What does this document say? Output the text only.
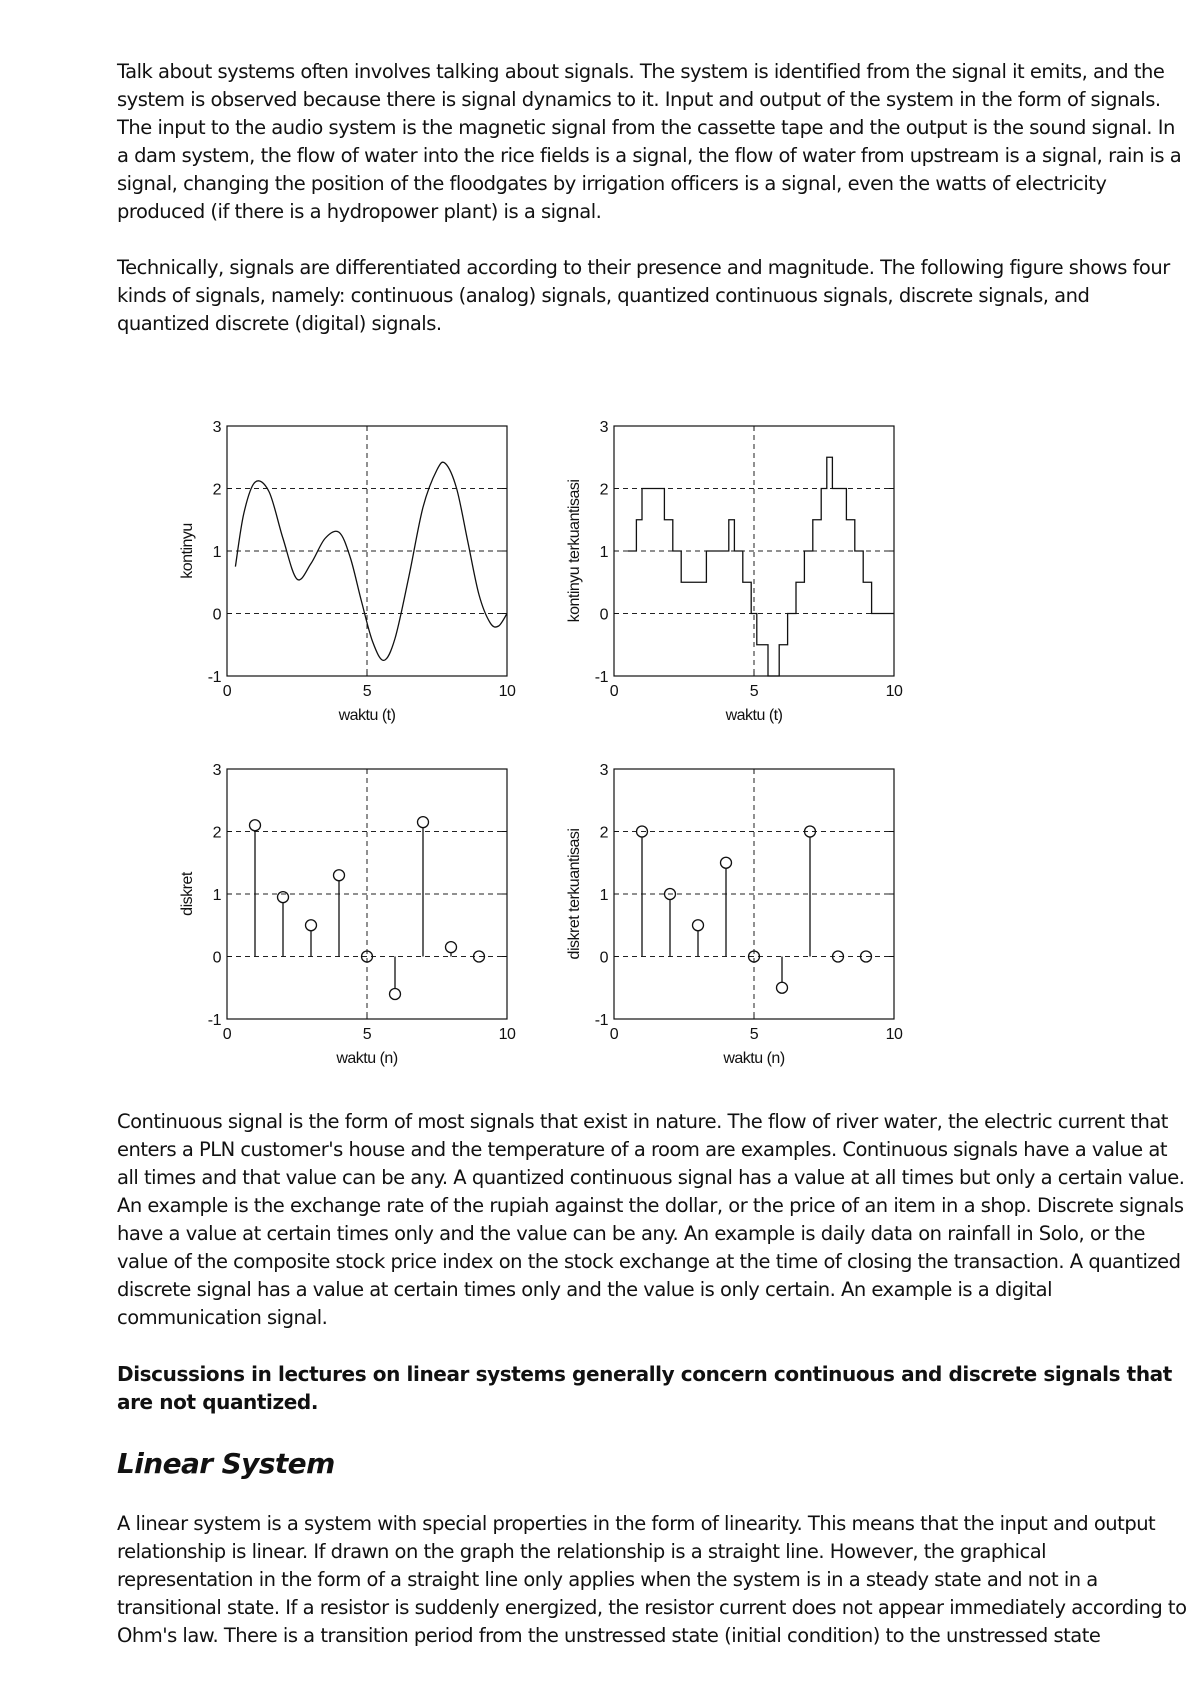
Talk about systems often involves talking about signals. The system is identified from the signal it emits, and the system is observed because there is signal dynamics to it. Input and output of the system in the form of signals. The input to the audio system is the magnetic signal from the cassette tape and the output is the sound signal. In a dam system, the flow of water into the rice fields is a signal, the flow of water from upstream is a signal, rain is a signal, changing the position of the floodgates by irrigation officers is a signal, even the watts of electricity produced (if there is a hydropower plant) is a signal.

Technically, signals are differentiated according to their presence and magnitude. The following figure shows four kinds of signals, namely: continuous (analog) signals, quantized continuous signals, discrete signals, and quantized discrete (digital) signals.

-1
0
1
2
3
0	5	10
waktu (t)
kontinyu
-1
0
1
2
3
0	5	10
waktu (t)
kontinyu terkuantisasi
-1
0
1
2
3
0	5	10
waktu (n)
diskret
-1
0
1
2
3
0	5	10
waktu (n)
diskret terkuantisasi

Continuous signal is the form of most signals that exist in nature. The flow of river water, the electric current that enters a PLN customer's house and the temperature of a room are examples. Continuous signals have a value at all times and that value can be any. A quantized continuous signal has a value at all times but only a certain value. An example is the exchange rate of the rupiah against the dollar, or the price of an item in a shop. Discrete signals have a value at certain times only and the value can be any. An example is daily data on rainfall in Solo, or the value of the composite stock price index on the stock exchange at the time of closing the transaction. A quantized discrete signal has a value at certain times only and the value is only certain. An example is a digital communication signal.

Discussions in lectures on linear systems generally concern continuous and discrete signals that are not quantized.

Linear System

A linear system is a system with special properties in the form of linearity. This means that the input and output relationship is linear. If drawn on the graph the relationship is a straight line. However, the graphical representation in the form of a straight line only applies when the system is in a steady state and not in a transitional state. If a resistor is suddenly energized, the resistor current does not appear immediately according to Ohm's law. There is a transition period from the unstressed state (initial condition) to the unstressed state
